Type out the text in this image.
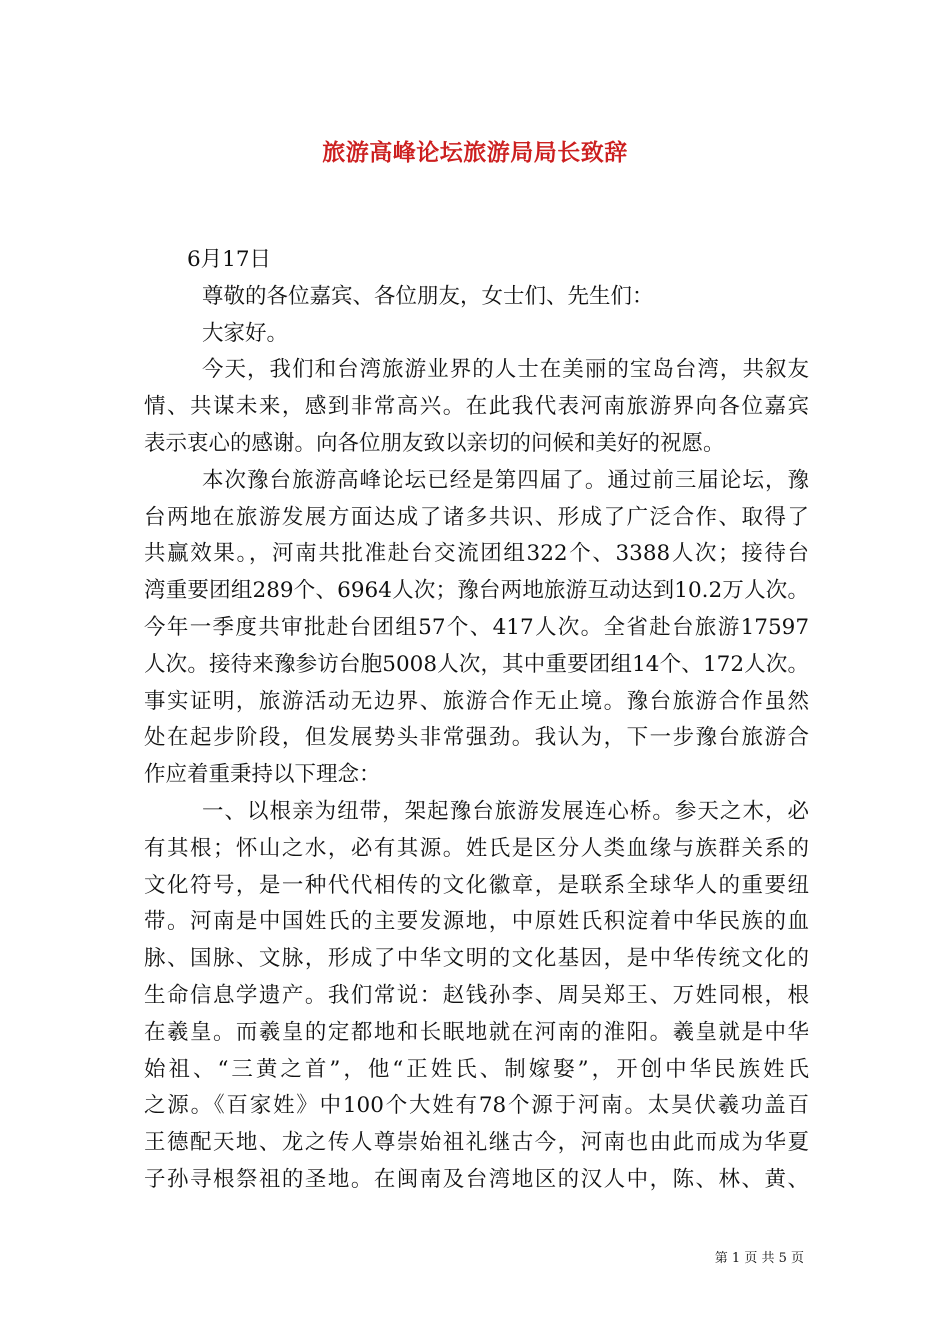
旅游高峰论坛旅游局局长致辞
6月17日
尊敬的各位嘉宾、各位朋友，女士们、先生们：
大家好。
今天，我们和台湾旅游业界的人士在美丽的宝岛台湾，共叙友
情、共谋未来，感到非常高兴。在此我代表河南旅游界向各位嘉宾
表示衷心的感谢。向各位朋友致以亲切的问候和美好的祝愿。
本次豫台旅游高峰论坛已经是第四届了。通过前三届论坛，豫
台两地在旅游发展方面达成了诸多共识、形成了广泛合作、取得了
共赢效果。，河南共批准赴台交流团组322个、3388人次；接待台
湾重要团组289个、6964人次；豫台两地旅游互动达到10.2万人次。
今年一季度共审批赴台团组57个、417人次。全省赴台旅游17597
人次。接待来豫参访台胞5008人次，其中重要团组14个、172人次。
事实证明，旅游活动无边界、旅游合作无止境。豫台旅游合作虽然
处在起步阶段，但发展势头非常强劲。我认为，下一步豫台旅游合
作应着重秉持以下理念：
一、以根亲为纽带，架起豫台旅游发展连心桥。参天之木，必
有其根；怀山之水，必有其源。姓氏是区分人类血缘与族群关系的
文化符号，是一种代代相传的文化徽章，是联系全球华人的重要纽
带。河南是中国姓氏的主要发源地，中原姓氏积淀着中华民族的血
脉、国脉、文脉，形成了中华文明的文化基因，是中华传统文化的
生命信息学遗产。我们常说：赵钱孙李、周吴郑王、万姓同根，根
在羲皇。而羲皇的定都地和长眠地就在河南的淮阳。羲皇就是中华
始祖、“三黄之首”，他“正姓氏、制嫁娶”，开创中华民族姓氏
之源。《百家姓》中100个大姓有78个源于河南。太昊伏羲功盖百
王德配天地、龙之传人尊崇始祖礼继古今，河南也由此而成为华夏
子孙寻根祭祖的圣地。在闽南及台湾地区的汉人中，陈、林、黄、
第 1 页 共 5 页
